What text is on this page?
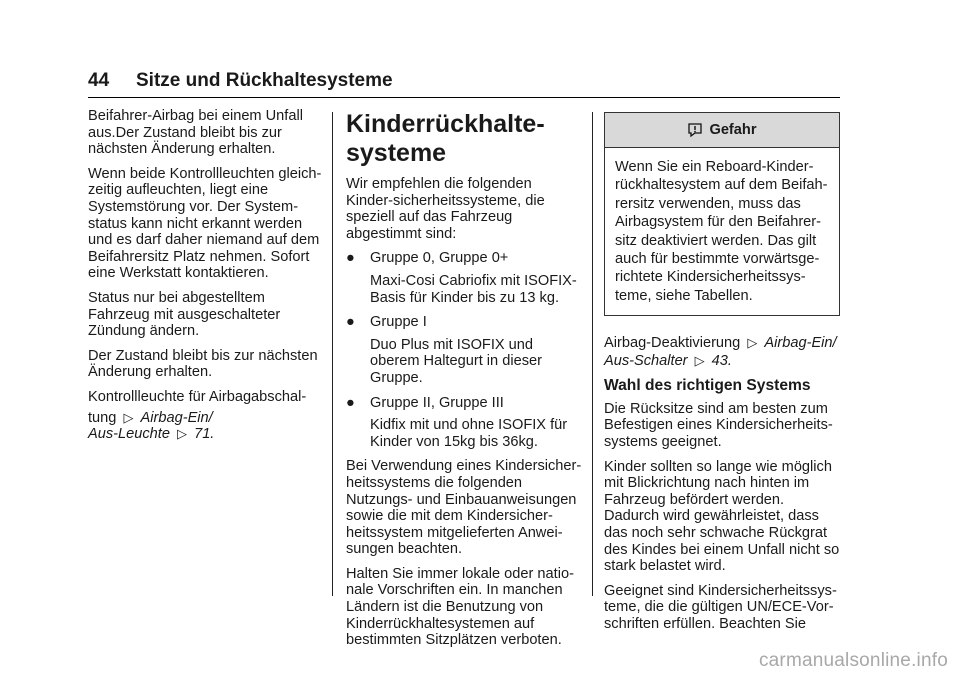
44 Sitze und Rückhaltesysteme

Beifahrer-Airbag bei einem Unfall aus.Der Zustand bleibt bis zur nächsten Änderung erhalten.

Wenn beide Kontrollleuchten gleich-zeitig aufleuchten, liegt eine Systemstörung vor. Der System-status kann nicht erkannt werden und es darf daher niemand auf dem Beifahrersitz Platz nehmen. Sofort eine Werkstatt kontaktieren.

Status nur bei abgestelltem Fahrzeug mit ausgeschalteter Zündung ändern.

Der Zustand bleibt bis zur nächsten Änderung erhalten.

Kontrollleuchte für Airbagabschal-

tung ▷ Airbag-Ein/
Aus-Leuchte ▷ 71.

Kinderrückhalte-systeme

Wir empfehlen die folgenden Kinder-sicherheitssysteme, die speziell auf das Fahrzeug abgestimmt sind:

●	Gruppe 0, Gruppe 0+
Maxi-Cosi Cabriofix mit ISOFIX-Basis für Kinder bis zu 13 kg.
●	Gruppe I
Duo Plus mit ISOFIX und oberem Haltegurt in dieser Gruppe.
●	Gruppe II, Gruppe III
Kidfix mit und ohne ISOFIX für Kinder von 15kg bis 36kg.

Bei Verwendung eines Kindersicher-heitssystems die folgenden Nutzungs- und Einbauanweisungen sowie die mit dem Kindersicher-heitssystem mitgelieferten Anwei-sungen beachten.

Halten Sie immer lokale oder natio-nale Vorschriften ein. In manchen Ländern ist die Benutzung von Kinderrückhaltesystemen auf bestimmten Sitzplätzen verboten.

Gefahr
Wenn Sie ein Reboard-Kinder-rückhaltesystem auf dem Beifah-rersitz verwenden, muss das Airbagsystem für den Beifahrer-sitz deaktiviert werden. Das gilt auch für bestimmte vorwärtsge-richtete Kindersicherheitssys-teme, siehe Tabellen.

Airbag-Deaktivierung ▷ Airbag-Ein/
Aus-Schalter ▷ 43.

Wahl des richtigen Systems

Die Rücksitze sind am besten zum Befestigen eines Kindersicherheits-systems geeignet.

Kinder sollten so lange wie möglich mit Blickrichtung nach hinten im Fahrzeug befördert werden. Dadurch wird gewährleistet, dass das noch sehr schwache Rückgrat des Kindes bei einem Unfall nicht so stark belastet wird.

Geeignet sind Kindersicherheitssys-teme, die die gültigen UN/ECE-Vor-schriften erfüllen. Beachten Sie

carmanualsonline.info
